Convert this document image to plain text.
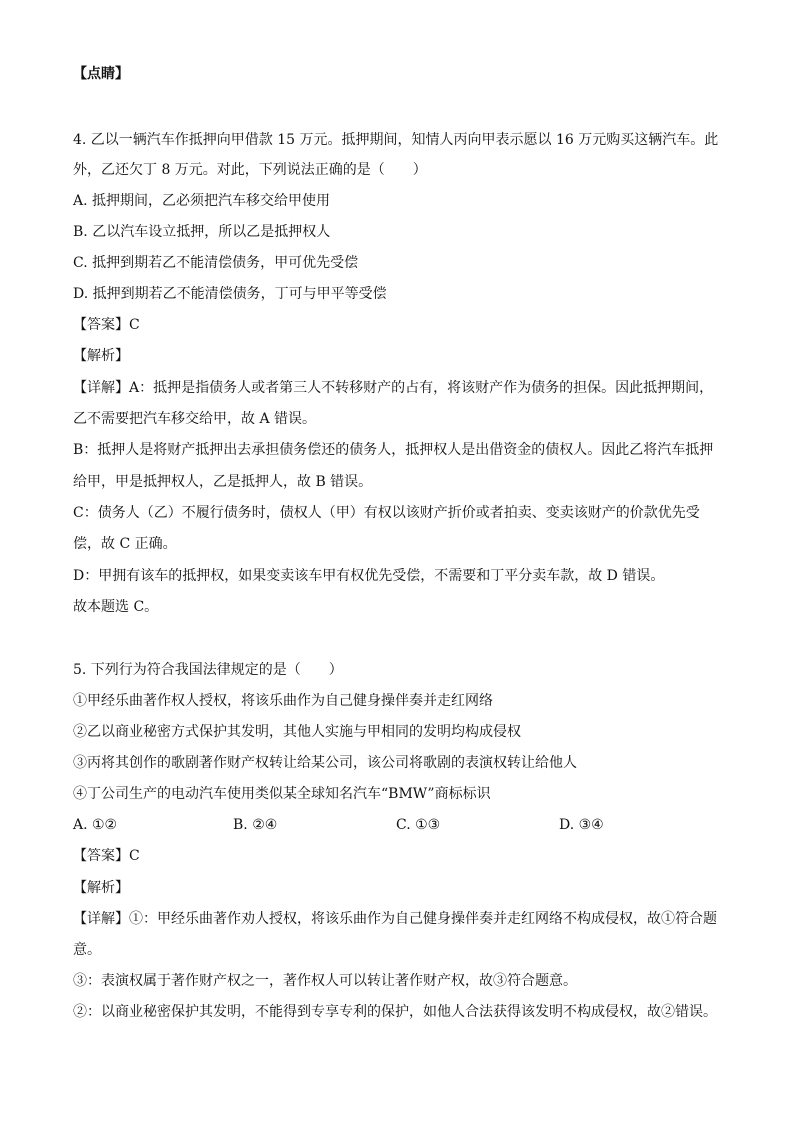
【点睛】
4. 乙以一辆汽车作抵押向甲借款 15 万元。抵押期间，知情人丙向甲表示愿以 16 万元购买这辆汽车。此
外，乙还欠丁 8 万元。对此，下列说法正确的是（　　）
A. 抵押期间，乙必须把汽车移交给甲使用
B. 乙以汽车设立抵押，所以乙是抵押权人
C. 抵押到期若乙不能清偿债务，甲可优先受偿
D. 抵押到期若乙不能清偿债务，丁可与甲平等受偿
【答案】C
【解析】
【详解】A：抵押是指债务人或者第三人不转移财产的占有，将该财产作为债务的担保。因此抵押期间，
乙不需要把汽车移交给甲，故 A 错误。
B：抵押人是将财产抵押出去承担债务偿还的债务人，抵押权人是出借资金的债权人。因此乙将汽车抵押
给甲，甲是抵押权人，乙是抵押人，故 B 错误。
C：债务人（乙）不履行债务时，债权人（甲）有权以该财产折价或者拍卖、变卖该财产的价款优先受
偿，故 C 正确。
D：甲拥有该车的抵押权，如果变卖该车甲有权优先受偿，不需要和丁平分卖车款，故 D 错误。
故本题选 C。
5. 下列行为符合我国法律规定的是（　　）
①甲经乐曲著作权人授权，将该乐曲作为自己健身操伴奏并走红网络
②乙以商业秘密方式保护其发明，其他人实施与甲相同的发明均构成侵权
③丙将其创作的歌剧著作财产权转让给某公司，该公司将歌剧的表演权转让给他人
④丁公司生产的电动汽车使用类似某全球知名汽车“BMW”商标标识
A. ①②	B. ②④	C. ①③	D. ③④
【答案】C
【解析】
【详解】①：甲经乐曲著作劝人授权，将该乐曲作为自己健身操伴奏并走红网络不构成侵权，故①符合题
意。
③：表演权属于著作财产权之一，著作权人可以转让著作财产权，故③符合题意。
②：以商业秘密保护其发明，不能得到专享专利的保护，如他人合法获得该发明不构成侵权，故②错误。
